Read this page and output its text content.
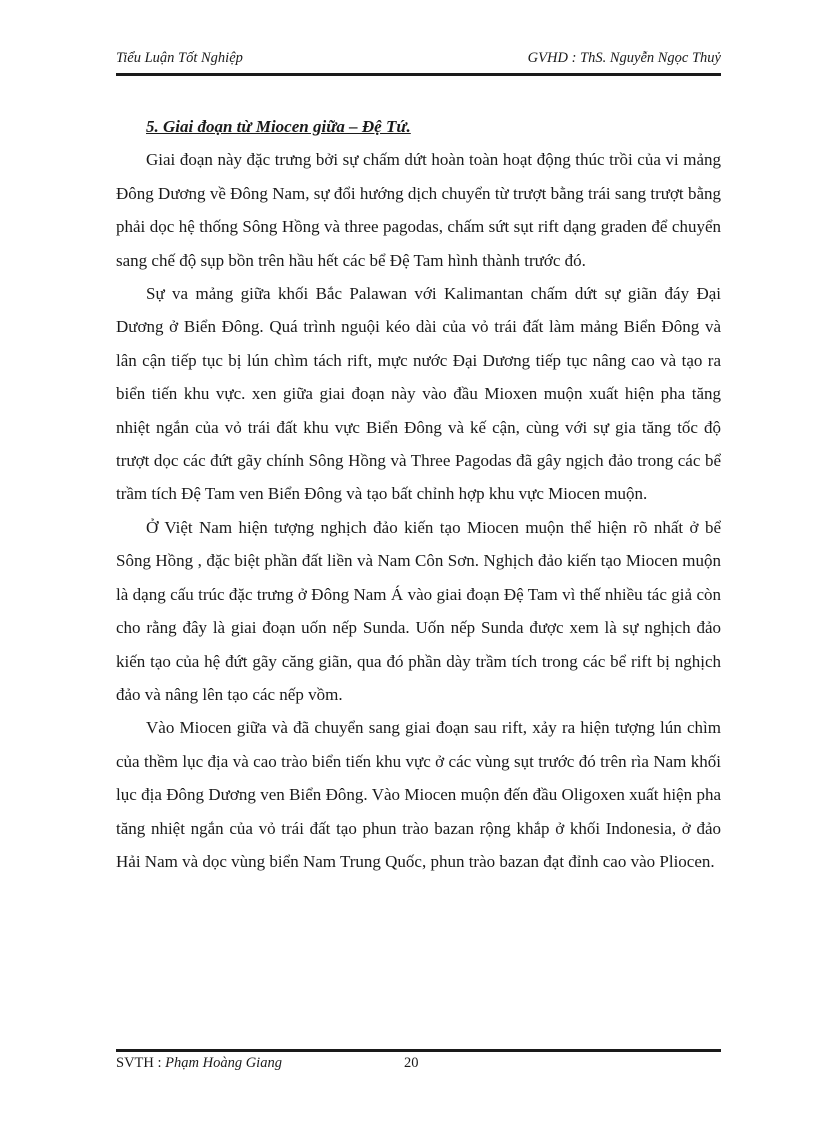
Tiểu Luận Tốt Nghiệp	GVHD : ThS. Nguyễn Ngọc Thuỷ

5. Giai đoạn từ Miocen giữa – Đệ Tứ.

Giai đoạn này đặc trưng bởi sự chấm dứt hoàn toàn hoạt động thúc trồi của vi mảng Đông Dương về Đông Nam, sự đổi hướng dịch chuyển từ trượt bằng trái sang trượt bằng phải dọc hệ thống Sông Hồng và three pagodas, chấm sứt sụt rift dạng graden để chuyển sang chế độ sụp bồn trên hầu hết các bể Đệ Tam hình thành trước đó.

Sự va mảng giữa khối Bắc Palawan với Kalimantan chấm dứt sự giãn đáy Đại Dương ở Biển Đông. Quá trình nguội kéo dài của vỏ trái đất làm mảng Biển Đông và lân cận tiếp tục bị lún chìm tách rift, mực nước Đại Dương tiếp tục nâng cao và tạo ra biển tiến khu vực. xen giữa giai đoạn này vào đầu Mioxen muộn xuất hiện pha tăng nhiệt ngắn của vỏ trái đất khu vực Biển Đông và kế cận, cùng với sự gia tăng tốc độ trượt dọc các đứt gãy chính Sông Hồng và Three Pagodas đã gây ngịch đảo trong các bể trầm tích Đệ Tam ven Biển Đông và tạo bất chỉnh hợp khu vực Miocen muộn.

Ở Việt Nam hiện tượng nghịch đảo kiến tạo Miocen muộn thể hiện rõ nhất ở bể Sông Hồng , đặc biệt phần đất liền và Nam Côn Sơn. Nghịch đảo kiến tạo Miocen muộn là dạng cấu trúc đặc trưng ở Đông Nam Á vào giai đoạn Đệ Tam vì thế nhiều tác giả còn cho rằng đây là giai đoạn uốn nếp Sunda. Uốn nếp Sunda được xem là sự nghịch đảo kiến tạo của hệ đứt gãy căng giãn, qua đó phần dày trầm tích trong các bể rift bị nghịch đảo và nâng lên tạo các nếp vồm.

Vào Miocen giữa và đã chuyển sang giai đoạn sau rift, xảy ra hiện tượng lún chìm của thềm lục địa và cao trào biển tiến khu vực ở các vùng sụt trước đó trên rìa Nam khối lục địa Đông Dương ven Biển Đông. Vào Miocen muộn đến đầu Oligoxen xuất hiện pha tăng nhiệt ngắn của vỏ trái đất tạo phun trào bazan rộng khắp ở khối Indonesia, ở đảo Hải Nam và dọc vùng biển Nam Trung Quốc, phun trào bazan đạt đỉnh cao vào Pliocen.

SVTH : Phạm Hoàng Giang	20
